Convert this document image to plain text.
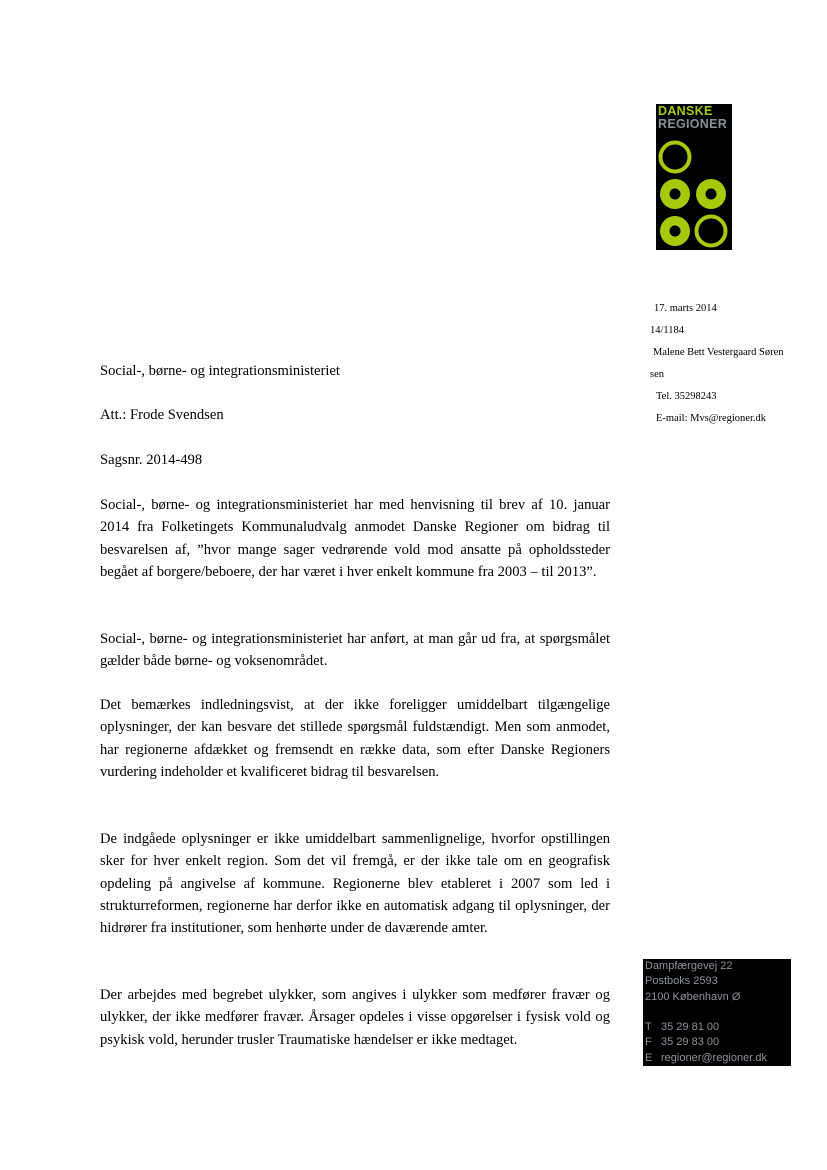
DANSKE
REGIONER
17. marts 2014
14/1184
Malene Bett Vestergaard Søren
sen
Tel. 35298243
E-mail: Mvs@regioner.dk
Social-, børne- og integrationsministeriet
Att.: Frode Svendsen
Sagsnr. 2014-498

Social-, børne- og integrationsministeriet har med henvisning til brev af 10. januar 2014 fra Folketingets Kommunaludvalg anmodet Danske Regioner om bidrag til besvarelsen af, ”hvor mange sager vedrørende vold mod ansatte på opholdssteder begået af borgere/beboere, der har været i hver enkelt kommune fra 2003 – til 2013”.

Social-, børne- og integrationsministeriet har anført, at man går ud fra, at spørgsmålet gælder både børne- og voksenområdet.

Det bemærkes indledningsvist, at der ikke foreligger umiddelbart tilgængelige oplysninger, der kan besvare det stillede spørgsmål fuldstændigt. Men som anmodet, har regionerne afdækket og fremsendt en række data, som efter Danske Regioners vurdering indeholder et kvalificeret bidrag til besvarelsen.

De indgåede oplysninger er ikke umiddelbart sammenlignelige, hvorfor opstillingen sker for hver enkelt region. Som det vil fremgå, er der ikke tale om en geografisk opdeling på angivelse af kommune. Regionerne blev etableret i 2007 som led i strukturreformen, regionerne har derfor ikke en automatisk adgang til oplysninger, der hidrører fra institutioner, som henhørte under de daværende amter.

Der arbejdes med begrebet ulykker, som angives i ulykker som medfører fravær og ulykker, der ikke medfører fravær. Årsager opdeles i visse opgørelser i fysisk vold og psykisk vold, herunder trusler Traumatiske hændelser er ikke medtaget.

Dampfærgevej 22
Postboks 2593
2100 København Ø
T 35 29 81 00
F 35 29 83 00
E regioner@regioner.dk
